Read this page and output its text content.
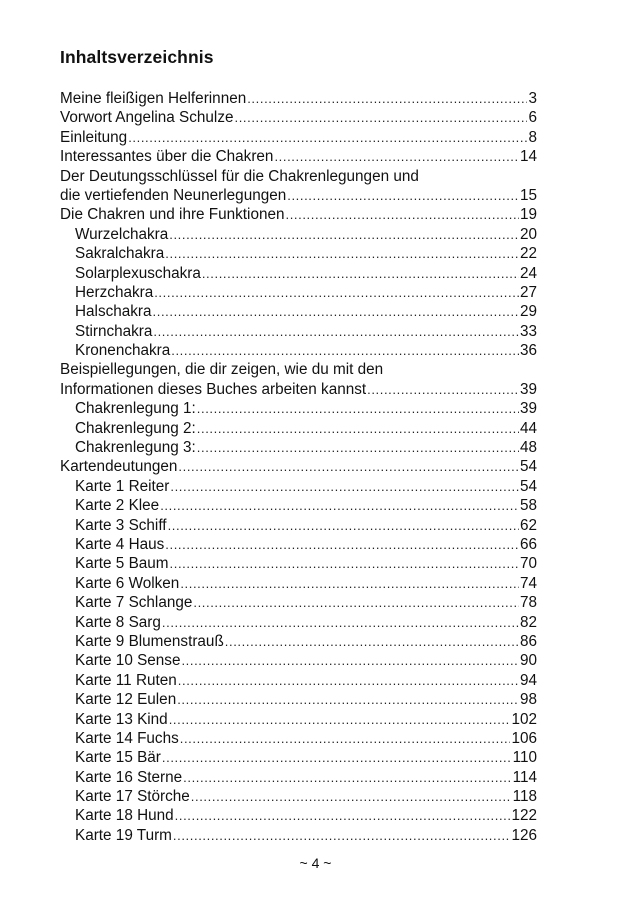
Inhaltsverzeichnis
Meine fleißigen Helferinnen .....	3
Vorwort Angelina Schulze .....	6
Einleitung .....	8
Interessantes über die Chakren .....	14
Der Deutungsschlüssel für die Chakrenlegungen und
die vertiefenden Neunerlegungen .....	15
Die Chakren und ihre Funktionen .....	19
Wurzelchakra .....	20
Sakralchakra .....	22
Solarplexuschakra .....	24
Herzchakra .....	27
Halschakra .....	29
Stirnchakra .....	33
Kronenchakra .....	36
Beispiellegungen, die dir zeigen, wie du mit den
Informationen dieses Buches arbeiten kannst .....	39
Chakrenlegung 1: .....	39
Chakrenlegung 2: .....	44
Chakrenlegung 3: .....	48
Kartendeutungen .....	54
Karte 1 Reiter .....	54
Karte 2 Klee .....	58
Karte 3 Schiff .....	62
Karte 4 Haus .....	66
Karte 5 Baum .....	70
Karte 6 Wolken .....	74
Karte 7 Schlange .....	78
Karte 8 Sarg .....	82
Karte 9 Blumenstrauß .....	86
Karte 10 Sense .....	90
Karte 11 Ruten .....	94
Karte 12 Eulen .....	98
Karte 13 Kind .....	102
Karte 14 Fuchs .....	106
Karte 15 Bär .....	110
Karte 16 Sterne .....	114
Karte 17 Störche .....	118
Karte 18 Hund .....	122
Karte 19 Turm .....	126
~ 4 ~
